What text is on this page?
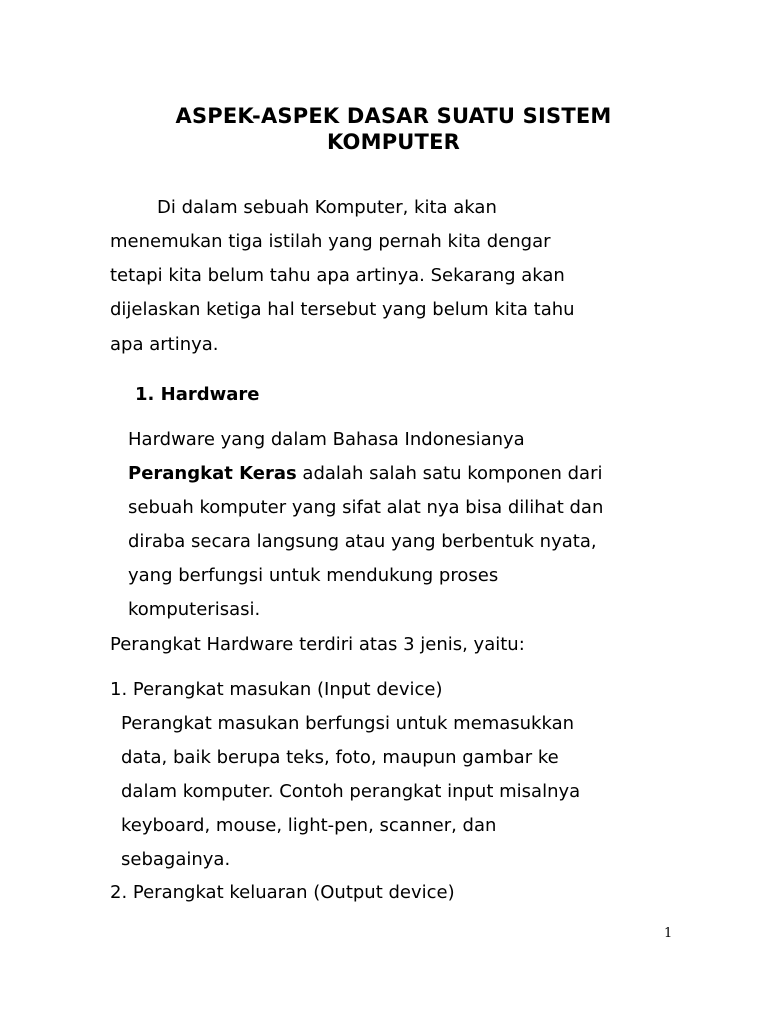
ASPEK-ASPEK DASAR SUATU SISTEM
KOMPUTER
Di dalam sebuah Komputer, kita akan
menemukan tiga istilah yang pernah kita dengar
tetapi kita belum tahu apa artinya. Sekarang akan
dijelaskan ketiga hal tersebut yang belum kita tahu
apa artinya.
1. Hardware
Hardware yang dalam Bahasa Indonesianya
Perangkat Keras adalah salah satu komponen dari
sebuah komputer yang sifat alat nya bisa dilihat dan
diraba secara langsung atau yang berbentuk nyata,
yang berfungsi untuk mendukung proses
komputerisasi.
Perangkat Hardware terdiri atas 3 jenis, yaitu:
1. Perangkat masukan (Input device)
Perangkat masukan berfungsi untuk memasukkan
data, baik berupa teks, foto, maupun gambar ke
dalam komputer. Contoh perangkat input misalnya
keyboard, mouse, light-pen, scanner, dan
sebagainya.
2. Perangkat keluaran (Output device)
1
